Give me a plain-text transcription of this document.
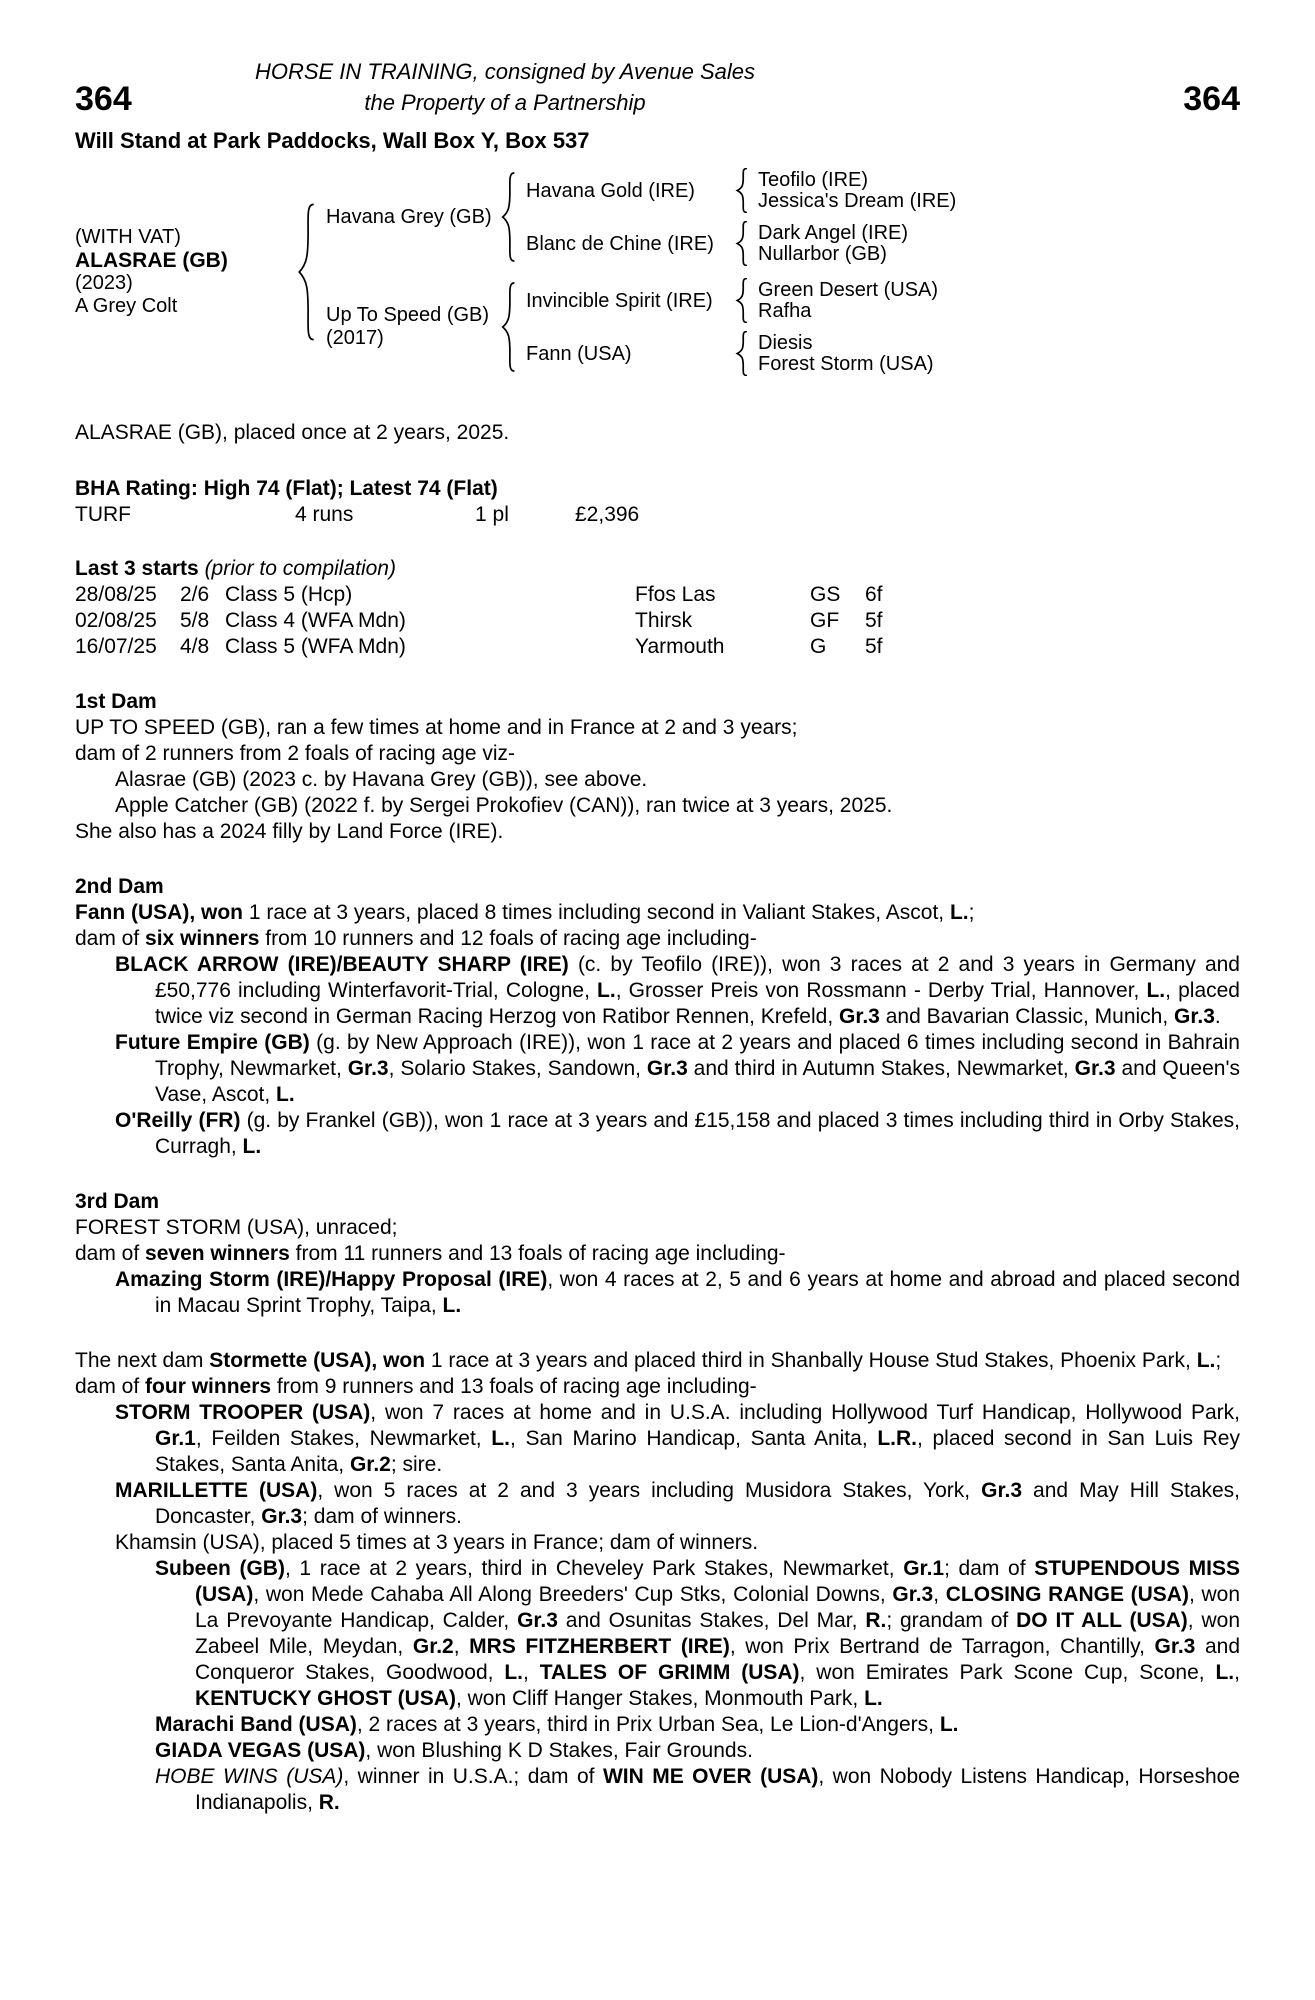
HORSE IN TRAINING, consigned by Avenue Sales
the Property of a Partnership
364	364
Will Stand at Park Paddocks, Wall Box Y, Box 537
(WITH VAT)
ALASRAE (GB)
(2023)
A Grey Colt
Havana Grey (GB)
Havana Gold (IRE)	Teofilo (IRE)
Jessica's Dream (IRE)
Blanc de Chine (IRE)	Dark Angel (IRE)
Nullarbor (GB)
Up To Speed (GB)
(2017)
Invincible Spirit (IRE)	Green Desert (USA)
Rafha
Fann (USA)	Diesis
Forest Storm (USA)
ALASRAE (GB), placed once at 2 years, 2025.
BHA Rating: High 74 (Flat); Latest 74 (Flat)
TURF	4 runs	1 pl	£2,396
Last 3 starts (prior to compilation)
28/08/25	2/6 Class 5 (Hcp)	Ffos Las	GS	6f
02/08/25	5/8 Class 4 (WFA Mdn)	Thirsk	GF	5f
16/07/25	4/8 Class 5 (WFA Mdn)	Yarmouth	G	5f
1st Dam

UP TO SPEED (GB), ran a few times at home and in France at 2 and 3 years;

dam of 2 runners from 2 foals of racing age viz-

Alasrae (GB) (2023 c. by Havana Grey (GB)), see above.

Apple Catcher (GB) (2022 f. by Sergei Prokofiev (CAN)), ran twice at 3 years, 2025.

She also has a 2024 filly by Land Force (IRE).

2nd Dam

Fann (USA), won 1 race at 3 years, placed 8 times including second in Valiant Stakes, Ascot, L.;

dam of six winners from 10 runners and 12 foals of racing age including-

BLACK ARROW (IRE)/BEAUTY SHARP (IRE) (c. by Teofilo (IRE)), won 3 races at 2 and 3 years in Germany and £50,776 including Winterfavorit-Trial, Cologne, L., Grosser Preis von Rossmann - Derby Trial, Hannover, L., placed twice viz second in German Racing Herzog von Ratibor Rennen, Krefeld, Gr.3 and Bavarian Classic, Munich, Gr.3.

Future Empire (GB) (g. by New Approach (IRE)), won 1 race at 2 years and placed 6 times including second in Bahrain Trophy, Newmarket, Gr.3, Solario Stakes, Sandown, Gr.3 and third in Autumn Stakes, Newmarket, Gr.3 and Queen's Vase, Ascot, L.

O'Reilly (FR) (g. by Frankel (GB)), won 1 race at 3 years and £15,158 and placed 3 times including third in Orby Stakes, Curragh, L.

3rd Dam

FOREST STORM (USA), unraced;

dam of seven winners from 11 runners and 13 foals of racing age including-

Amazing Storm (IRE)/Happy Proposal (IRE), won 4 races at 2, 5 and 6 years at home and abroad and placed second in Macau Sprint Trophy, Taipa, L.

The next dam Stormette (USA), won 1 race at 3 years and placed third in Shanbally House Stud Stakes, Phoenix Park, L.;

dam of four winners from 9 runners and 13 foals of racing age including-

STORM TROOPER (USA), won 7 races at home and in U.S.A. including Hollywood Turf Handicap, Hollywood Park, Gr.1, Feilden Stakes, Newmarket, L., San Marino Handicap, Santa Anita, L.R., placed second in San Luis Rey Stakes, Santa Anita, Gr.2; sire.

MARILLETTE (USA), won 5 races at 2 and 3 years including Musidora Stakes, York, Gr.3 and May Hill Stakes, Doncaster, Gr.3; dam of winners.

Khamsin (USA), placed 5 times at 3 years in France; dam of winners.

Subeen (GB), 1 race at 2 years, third in Cheveley Park Stakes, Newmarket, Gr.1; dam of STUPENDOUS MISS (USA), won Mede Cahaba All Along Breeders' Cup Stks, Colonial Downs, Gr.3, CLOSING RANGE (USA), won La Prevoyante Handicap, Calder, Gr.3 and Osunitas Stakes, Del Mar, R.; grandam of DO IT ALL (USA), won Zabeel Mile, Meydan, Gr.2, MRS FITZHERBERT (IRE), won Prix Bertrand de Tarragon, Chantilly, Gr.3 and Conqueror Stakes, Goodwood, L., TALES OF GRIMM (USA), won Emirates Park Scone Cup, Scone, L., KENTUCKY GHOST (USA), won Cliff Hanger Stakes, Monmouth Park, L.

Marachi Band (USA), 2 races at 3 years, third in Prix Urban Sea, Le Lion-d'Angers, L.

GIADA VEGAS (USA), won Blushing K D Stakes, Fair Grounds.

HOBE WINS (USA), winner in U.S.A.; dam of WIN ME OVER (USA), won Nobody Listens Handicap, Horseshoe Indianapolis, R.
